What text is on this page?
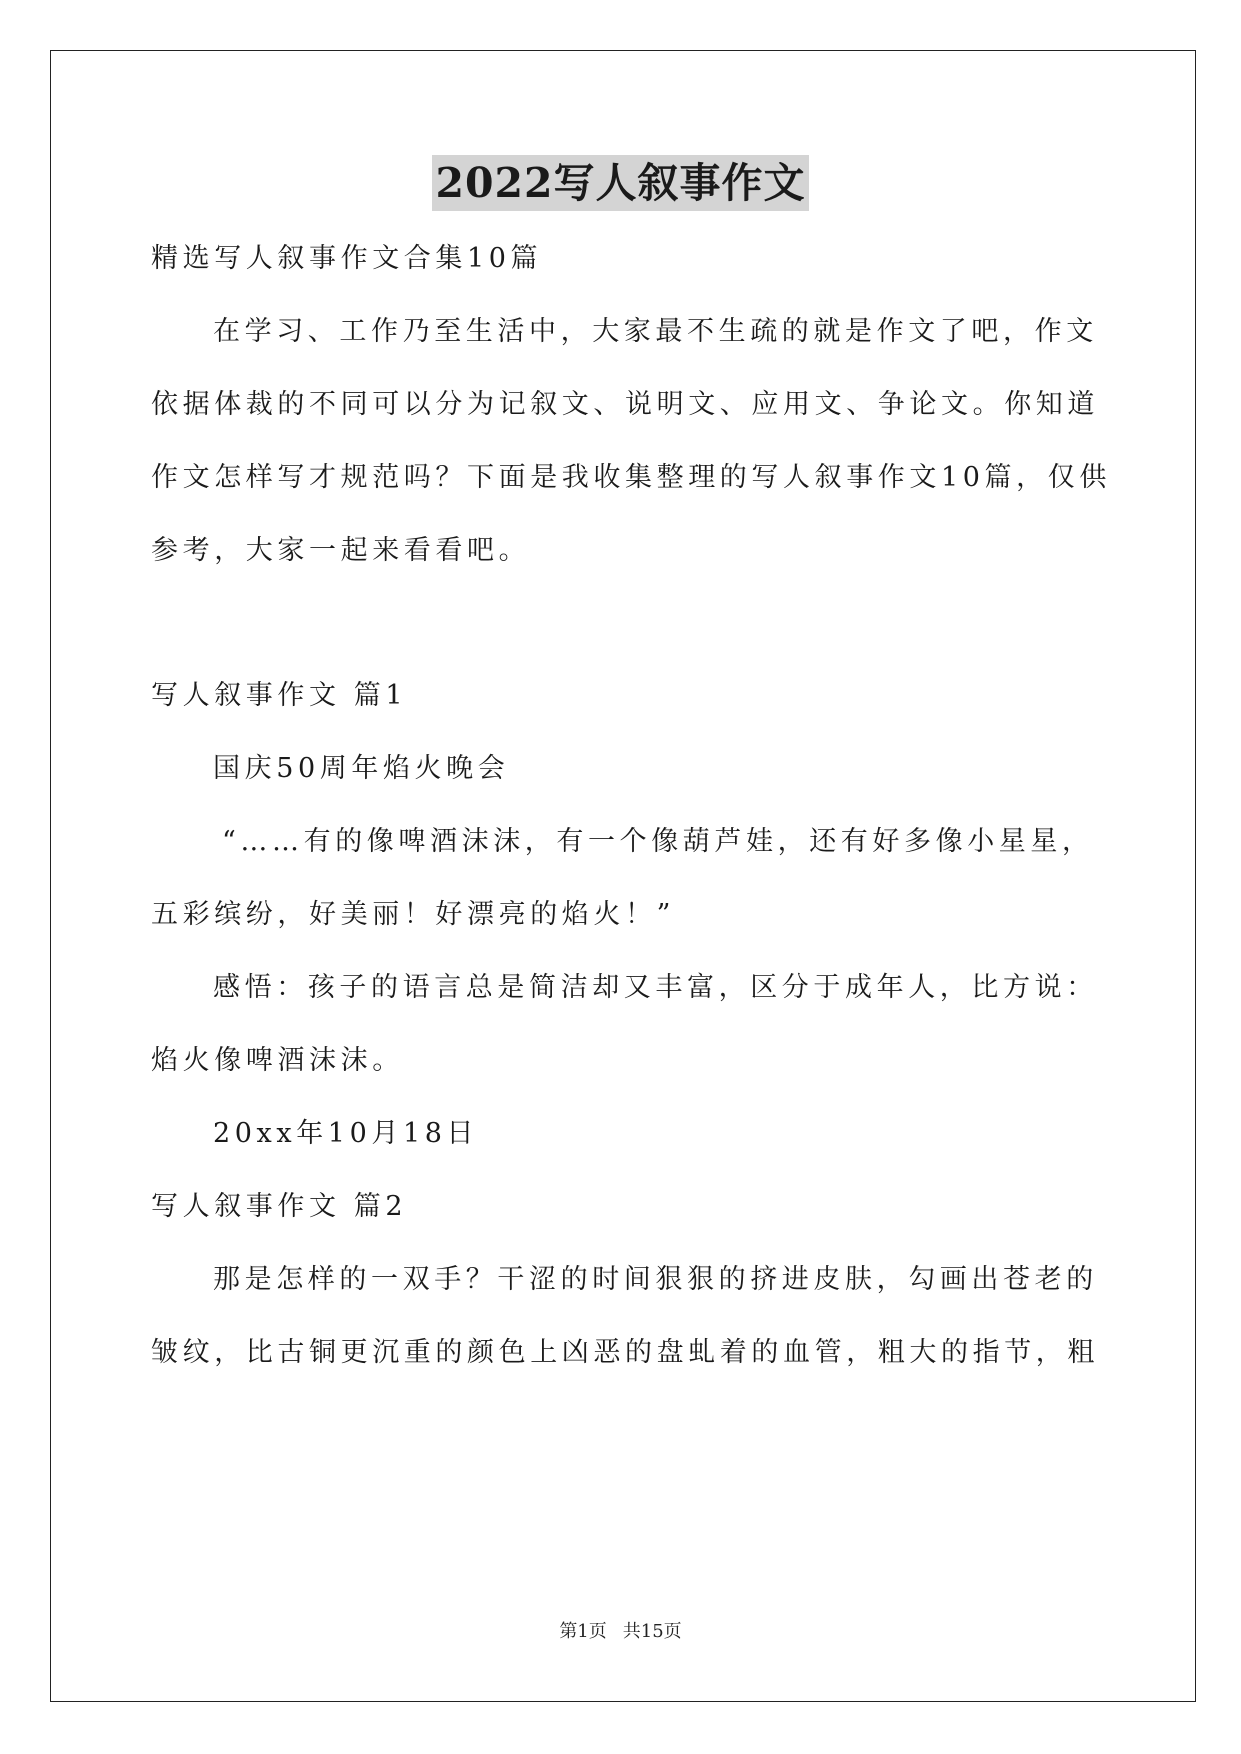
2022写人叙事作文
精选写人叙事作文合集10篇
在学习、工作乃至生活中，大家最不生疏的就是作文了吧，作文
依据体裁的不同可以分为记叙文、说明文、应用文、争论文。你知道
作文怎样写才规范吗？下面是我收集整理的写人叙事作文10篇，仅供
参考，大家一起来看看吧。
写人叙事作文 篇1
国庆50周年焰火晚会
“……有的像啤酒沫沫，有一个像葫芦娃，还有好多像小星星，
五彩缤纷，好美丽！好漂亮的焰火！”
感悟：孩子的语言总是简洁却又丰富，区分于成年人，比方说：
焰火像啤酒沫沫。
20xx年10月18日
写人叙事作文 篇2
那是怎样的一双手？干涩的时间狠狠的挤进皮肤，勾画出苍老的
皱纹，比古铜更沉重的颜色上凶恶的盘虬着的血管，粗大的指节，粗
第1页 共15页
